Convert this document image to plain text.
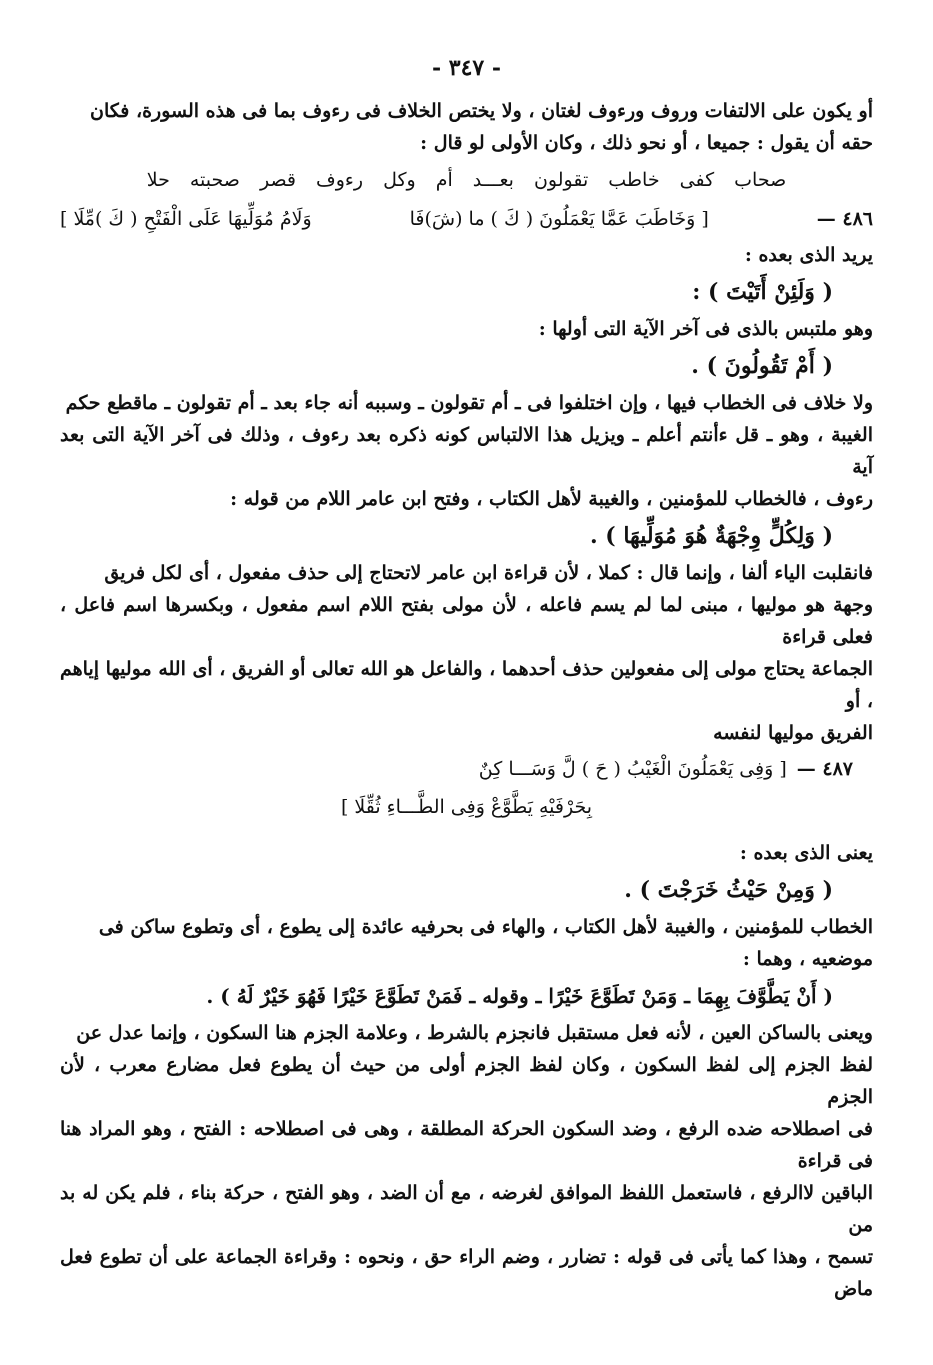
- ٣٤٧ -

أو يكون على الالتفات وروف ورءوف لغتان ، ولا يختص الخلاف فى رءوف بما فى هذه السورة، فكان

حقه أن يقول : جميعا ، أو نحو ذلك ، وكان الأولى لو قال :

صحاب كفى خاطب تقولون بعـــد أم وكل رءوف قصر صحبته حلا

٤٨٦ —
[ وَخَاطَبَ عَمَّا يَعْمَلُونَ ( كَ ) ما (شَ)فَا
وَلَامُ مُوَلِّيهَا عَلَى الْفَتْحِ ( كَ )مِّلَا ]

يريد الذى بعده :

( وَلَئِنْ أَتَيْتَ ) :

وهو ملتبس بالذى فى آخر الآية التى أولها :

( أَمْ تَقُولُونَ ) .

ولا خلاف فى الخطاب فيها ، وإن اختلفوا فى ـ أم تقولون ـ وسببه أنه جاء بعد ـ أم تقولون ـ ماقطع حكم

الغيبة ، وهو ـ قل ءأنتم أعلم ـ ويزيل هذا الالتباس كونه ذكره بعد رءوف ، وذلك فى آخر الآية التى بعد آية

رءوف ، فالخطاب للمؤمنين ، والغيبة لأهل الكتاب ، وفتح ابن عامر اللام من قوله :

( وَلِكُلٍّ وِجْهَةٌ هُوَ مُوَلِّيهَا ) .

فانقلبت الياء ألفا ، وإنما قال : كملا ، لأن قراءة ابن عامر لاتحتاج إلى حذف مفعول ، أى لكل فريق

وجهة هو موليها ، مبنى لما لم يسم فاعله ، لأن مولى بفتح اللام اسم مفعول ، وبكسرها اسم فاعل ، فعلى قراءة

الجماعة يحتاج مولى إلى مفعولين حذف أحدهما ، والفاعل هو الله تعالى أو الفريق ، أى الله موليها إياهم ، أو

الفريق موليها لنفسه

٤٨٧ —
[ وَفِى يَعْمَلُونَ الْغَيْبُ ( حَ ) لَّ وَسَـــا كِنٌ
بِحَرْفَيْهِ يَطَّوَّعْ وَفِى الطَّـــاءِ ثُقِّلَا ]

يعنى الذى بعده :

( وَمِنْ حَيْثُ خَرَجْتَ ) .

الخطاب للمؤمنين ، والغيبة لأهل الكتاب ، والهاء فى بحرفيه عائدة إلى يطوع ، أى وتطوع ساكن فى

موضعيه ، وهما :

( أَنْ يَطَّوَّفَ بِهِمَا ـ وَمَنْ تَطَوَّعَ خَيْرًا ـ وقوله ـ فَمَنْ تَطَوَّعَ خَيْرًا فَهُوَ خَيْرٌ لَهُ ) .

ويعنى بالساكن العين ، لأنه فعل مستقبل فانجزم بالشرط ، وعلامة الجزم هنا السكون ، وإنما عدل عن

لفظ الجزم إلى لفظ السكون ، وكان لفظ الجزم أولى من حيث أن يطوع فعل مضارع معرب ، لأن الجزم

فى اصطلاحه ضده الرفع ، وضد السكون الحركة المطلقة ، وهى فى اصطلاحه : الفتح ، وهو المراد هنا فى قراءة

الباقين لاالرفع ، فاستعمل اللفظ الموافق لغرضه ، مع أن الضد ، وهو الفتح ، حركة بناء ، فلم يكن له بد من

تسمح ، وهذا كما يأتى فى قوله : تضارر ، وضم الراء حق ، ونحوه : وقراءة الجماعة على أن تطوع فعل ماض
